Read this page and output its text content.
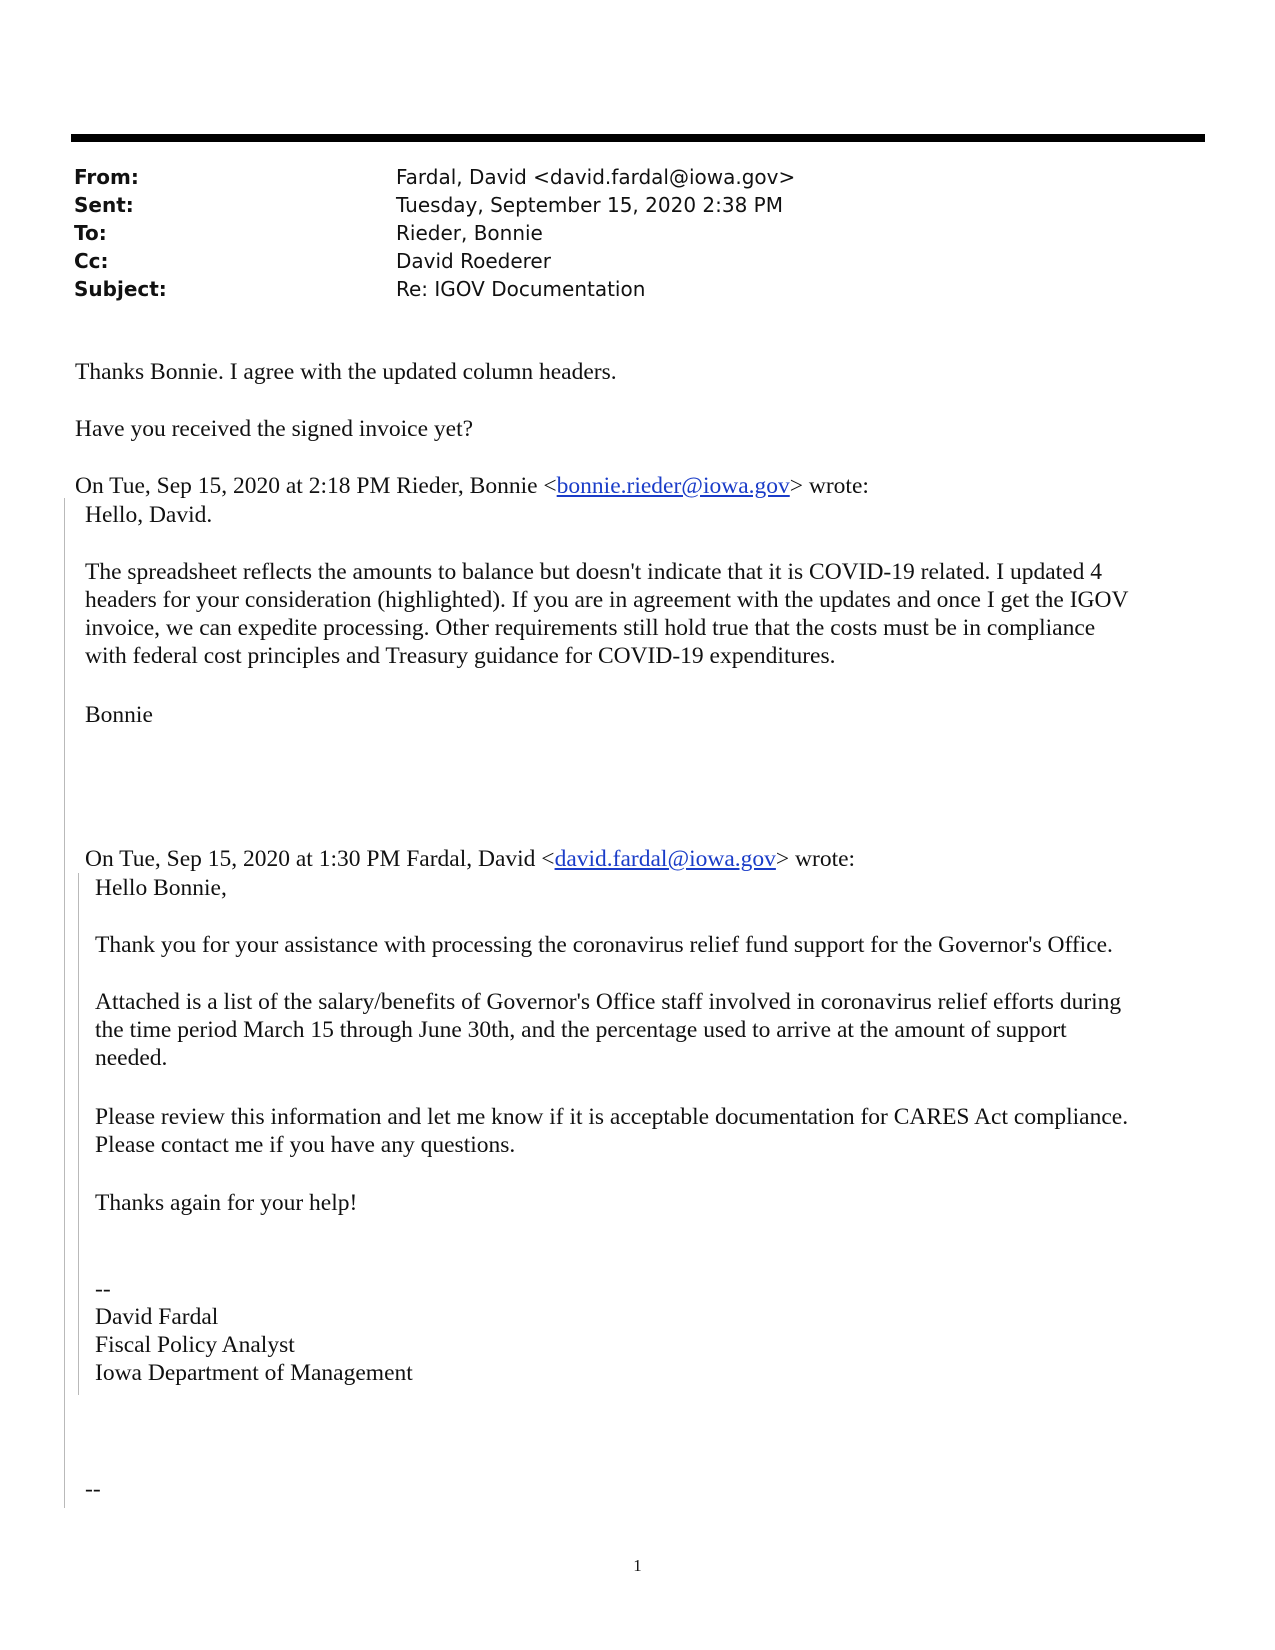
From:	Fardal, David <david.fardal@iowa.gov>
Sent:	Tuesday, September 15, 2020 2:38 PM
To:	Rieder, Bonnie
Cc:	David Roederer
Subject:	Re: IGOV Documentation

Thanks Bonnie. I agree with the updated column headers.

Have you received the signed invoice yet?

On Tue, Sep 15, 2020 at 2:18 PM Rieder, Bonnie <bonnie.rieder@iowa.gov> wrote:

Hello, David.

The spreadsheet reflects the amounts to balance but doesn't indicate that it is COVID-19 related. I updated 4
headers for your consideration (highlighted). If you are in agreement with the updates and once I get the IGOV
invoice, we can expedite processing. Other requirements still hold true that the costs must be in compliance
with federal cost principles and Treasury guidance for COVID-19 expenditures.

Bonnie

On Tue, Sep 15, 2020 at 1:30 PM Fardal, David <david.fardal@iowa.gov> wrote:

Hello Bonnie,

Thank you for your assistance with processing the coronavirus relief fund support for the Governor's Office.

Attached is a list of the salary/benefits of Governor's Office staff involved in coronavirus relief efforts during
the time period March 15 through June 30th, and the percentage used to arrive at the amount of support
needed.
Please review this information and let me know if it is acceptable documentation for CARES Act compliance.
Please contact me if you have any questions.

Thanks again for your help!

--
David Fardal
Fiscal Policy Analyst
Iowa Department of Management

--

1
